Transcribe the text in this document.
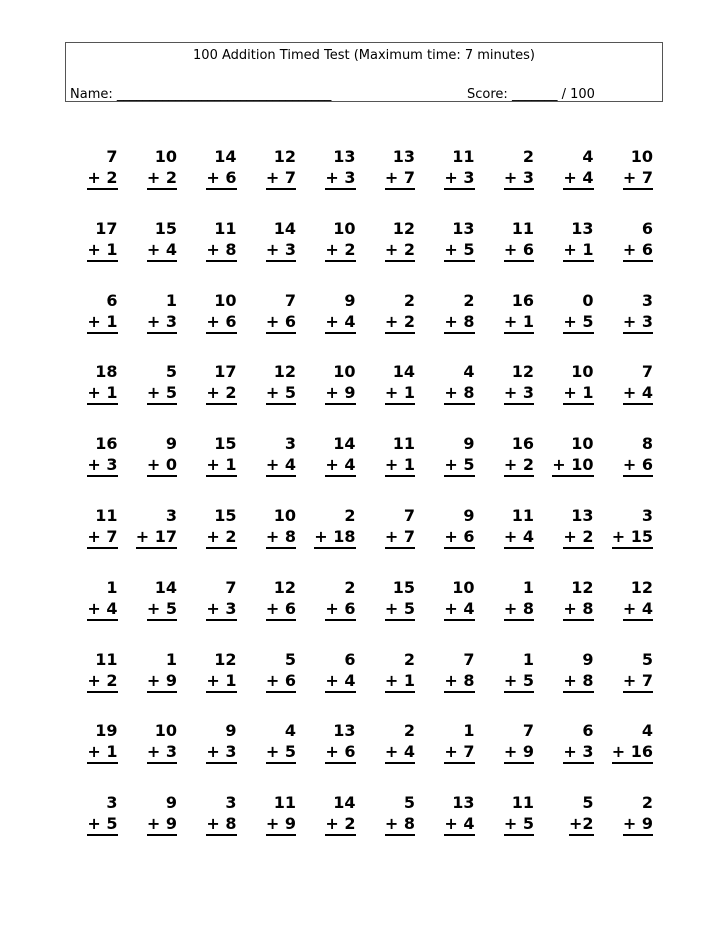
100 Addition Timed Test (Maximum time: 7 minutes)
Name: _________________________________	Score: _______ / 100
7
+ 2
10
+ 2
14
+ 6
12
+ 7
13
+ 3
13
+ 7
11
+ 3
2
+ 3
4
+ 4
10
+ 7
17
+ 1
15
+ 4
11
+ 8
14
+ 3
10
+ 2
12
+ 2
13
+ 5
11
+ 6
13
+ 1
6
+ 6
6
+ 1
1
+ 3
10
+ 6
7
+ 6
9
+ 4
2
+ 2
2
+ 8
16
+ 1
0
+ 5
3
+ 3
18
+ 1
5
+ 5
17
+ 2
12
+ 5
10
+ 9
14
+ 1
4
+ 8
12
+ 3
10
+ 1
7
+ 4
16
+ 3
9
+ 0
15
+ 1
3
+ 4
14
+ 4
11
+ 1
9
+ 5
16
+ 2
10
+ 10
8
+ 6
11
+ 7
3
+ 17
15
+ 2
10
+ 8
2
+ 18
7
+ 7
9
+ 6
11
+ 4
13
+ 2
3
+ 15
1
+ 4
14
+ 5
7
+ 3
12
+ 6
2
+ 6
15
+ 5
10
+ 4
1
+ 8
12
+ 8
12
+ 4
11
+ 2
1
+ 9
12
+ 1
5
+ 6
6
+ 4
2
+ 1
7
+ 8
1
+ 5
9
+ 8
5
+ 7
19
+ 1
10
+ 3
9
+ 3
4
+ 5
13
+ 6
2
+ 4
1
+ 7
7
+ 9
6
+ 3
4
+ 16
3
+ 5
9
+ 9
3
+ 8
11
+ 9
14
+ 2
5
+ 8
13
+ 4
11
+ 5
5
+2
2
+ 9
